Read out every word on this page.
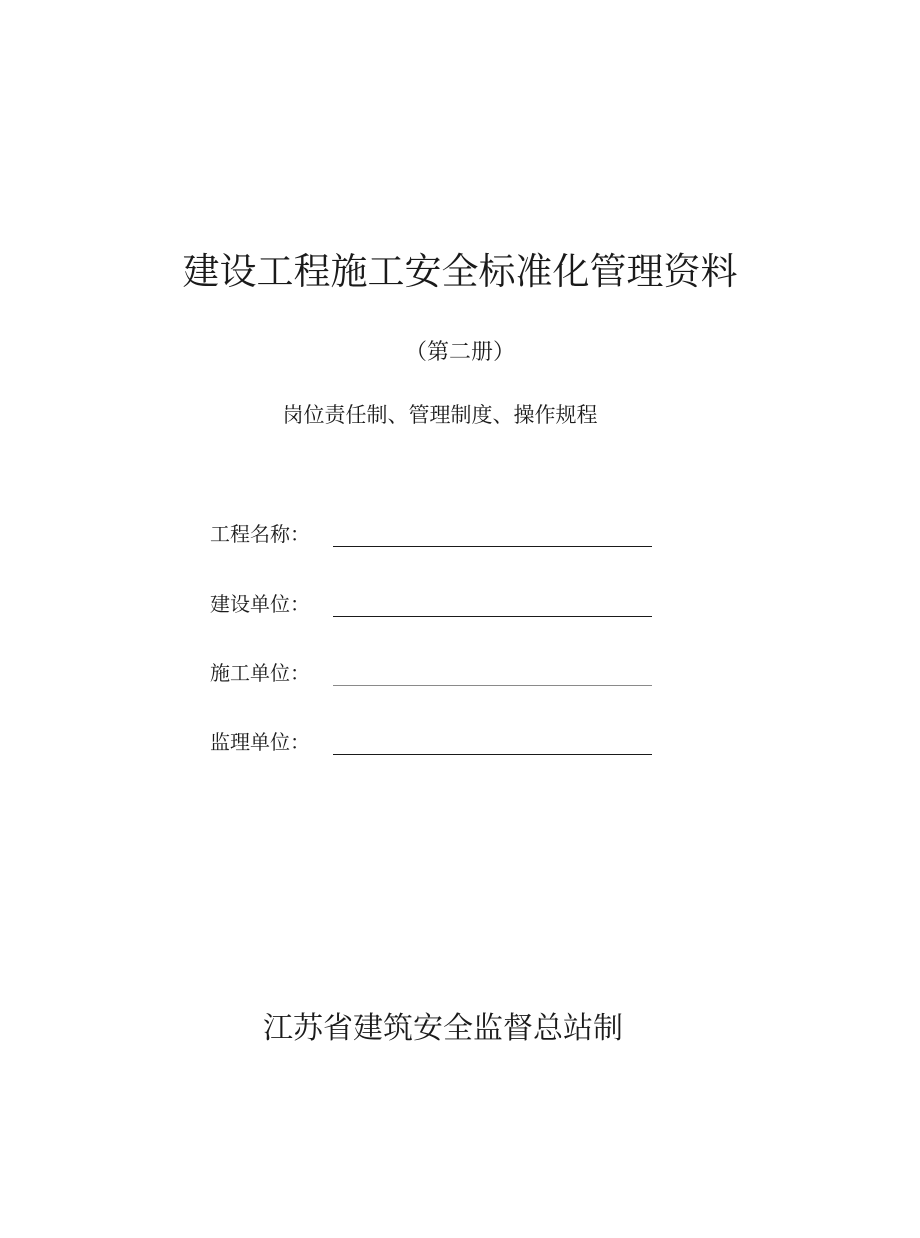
建设工程施工安全标准化管理资料
（第二册）
岗位责任制、管理制度、操作规程
工程名称：
建设单位：
施工单位：
监理单位：
江苏省建筑安全监督总站制
